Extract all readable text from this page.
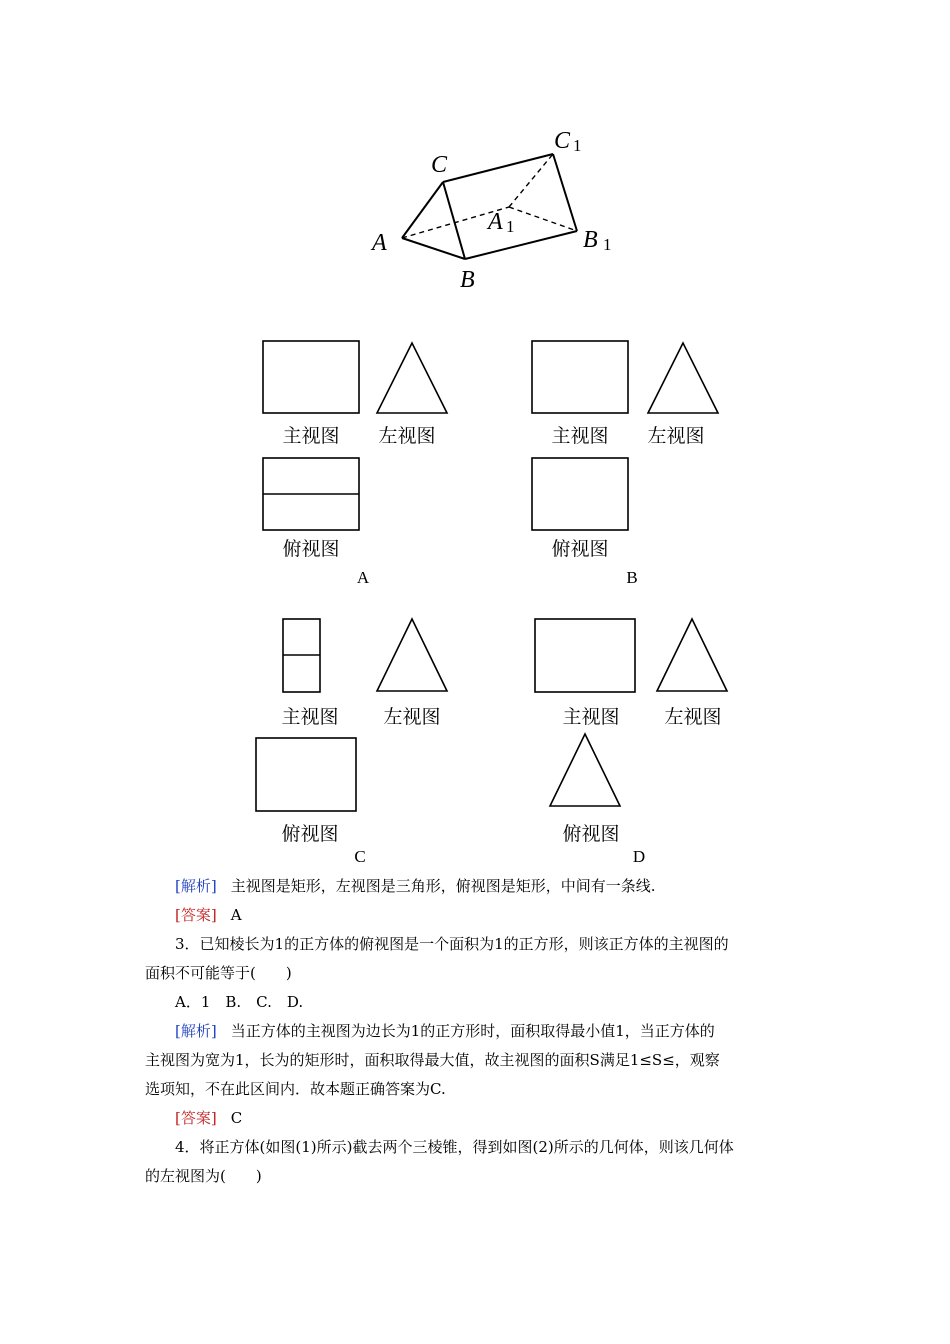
C
C 1
A
A 1
B
B 1
主视图 左视图
俯视图
A
主视图 左视图
俯视图
B
主视图 左视图
俯视图
C
主视图 左视图
俯视图
D
[解析] 主视图是矩形，左视图是三角形，俯视图是矩形，中间有一条线.
[答案] A
3．已知棱长为1的正方体的俯视图是一个面积为1的正方形，则该正方体的主视图的
面积不可能等于(　　)
A．1　B.　C.　D.
[解析] 当正方体的主视图为边长为1的正方形时，面积取得最小值1，当正方体的
主视图为宽为1，长为的矩形时，面积取得最大值，故主视图的面积S满足1≤S≤，观察
选项知，不在此区间内．故本题正确答案为C.
[答案] C
4．将正方体(如图(1)所示)截去两个三棱锥，得到如图(2)所示的几何体，则该几何体
的左视图为(　　)
